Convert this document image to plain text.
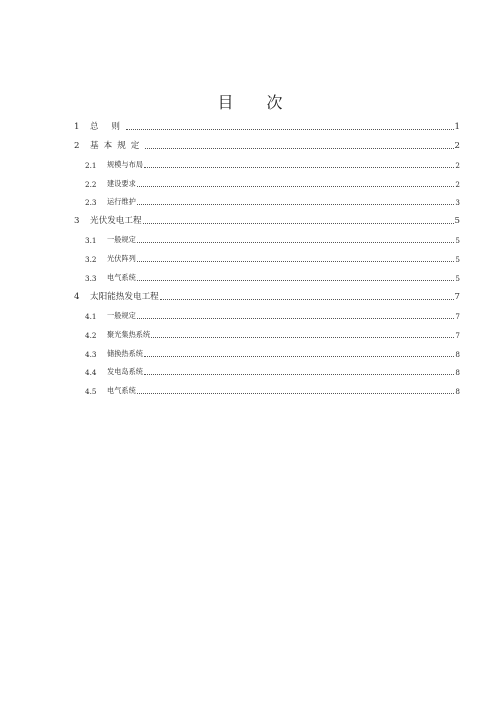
目 次
1	总 则	1
2	基本规定	2
2.1	规模与布局	2
2.2	建设要求	2
2.3	运行维护	3
3	光伏发电工程	5
3.1	一般规定	5
3.2	光伏阵列	5
3.3	电气系统	5
4	太阳能热发电工程	7
4.1	一般规定	7
4.2	聚光集热系统	7
4.3	储换热系统	8
4.4	发电岛系统	8
4.5	电气系统	8
